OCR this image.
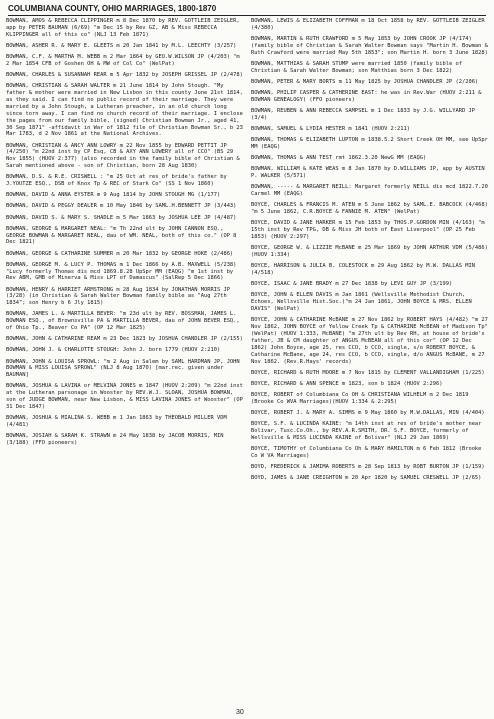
COLUMBIANA COUNTY, OHIO MARRIAGES, 1800-1870

BOWMAN, AMOS & REBECCA CLIPPINGER m 8 Dec 1870 by REV. GOTTLEIB ZEIGLER, app by PETER BAUMAN (6/69) "m Dec 15 by Rev GZ, AB & Miss REBECCA KLIPPINGER all of this co" (NLJ 13 Feb 1871)

BOWMAN, ASHER R. & MARY E. GLEETS m 20 Jan 1841 by M.L. LEECHTY (3/257)

BOWMAN, C.F. & MARTHA M. WEBB m 2 Mar 1864 by GEO.W.WILSON JP (4/203) "m 2 Mar 1854 CFB of Goshen OH & MW of Col Co" (WelPat)

BOWMAN, CHARLES & SUSANNAH REAR m 5 Apr 1832 by JOSEPH GRISSEL JP (2/478)

BOWMAN, CHRISTIAN & SARAH WALTER m 21 June 1814 by John Stough. "My father & mother were married in New Lisbon in this county June 21st 1814, as they said. I can find no public record of their marriage. They were married by a John Stough, a Lutheran preacher, in an old church long since torn away. I can find no church record of their marriage. I enclose the pages from our family bible, (signed) Christian Bowman Jr., aged 41, 30 Sep 1871" -affidavit in War of 1812 file of Christian Bowman Sr., b 23 Mar 1783, d 2 Nov 1861 at the National Archives.

BOWMAN, CHRISTIAN & ANCY ANN LOWRY m 22 Nov 1855 by EDWARD PETTIT JP (4/250) "m 22nd inst by CP Esq, CB & AXY ANN LOWERY all of CCO" (BS 29 Nov 1855) (HUOV 2:377) (also recorded in the family bible of Christian & Sarah mentioned above - son of Christian, born 28 Aug 1830)

BOWMAN, D.S. & R.E. CRISWELL : "m 25 Oct at res of bride's father by J.YOUTZE ESQ., DSB of Knox Tp & REC of Stark Co" (SS 1 Nov 1860)

BOWMAN, DAVID & ANNA EYSTER m 9 Aug 1814 by JOHN STOUGH MG (1/177)

BOWMAN, DAVID & PEGGY DEALER m 10 May 1846 by SAML.H.BENNETT JP (3/443)

BOWMAN, DAVID S. & MARY S. SHADLE m 5 Mar 1863 by JOSHUA LEE JP (4/487)

BOWMAN, GEORGE & MARGARET NEAL: "m Th 22nd ult by JOHN CANNON ESQ., GEORGE BOWMAN & MARGARET NEAL, dau of WM. NEAL, both of this co." (OP 8 Dec 1821)

BOWMAN, GEORGE & CATHARINE SUMMER m 20 Mar 1832 by GEORGE HOKE (2/486)

BOWMAN, GEORGE M. & LUCY P. THOMAS m 1 Dec 1866 by A.B. MAXWELL (5/238) "Lucy formerly Thomas dis mcd 1869.8.28 UpSpr MM (EAQG) "m 1st inst by Rev ABM, GMB of Minerva & Miss LPT of Damascus" (SalRep 5 Dec 1866)

BOWMAN, HENRY & HARRIET ARMSTRONG m 28 Aug 1834 by JONATHAN MORRIS JP (3/28) (in Christian & Sarah Walter Bowman family bible as "Aug 27th 1834"; son Henry b 6 Jly 1815)

BOWMAN, JAMES L. & MARTILLA BEVER: "m 23d ult by REV. BOSSMAN, JAMES L. BOWMAN ESQ., of Brownsville PA & MARTILLA BEVER, dau of JOHN BEVER ESQ., of Ohio Tp., Beaver Co PA" (OP 12 Mar 1825)

BOWMAN, JOHN & CATHARINE REAM m 23 Dec 1823 by JOSHUA CHANDLER JP (2/155)

BOWMAN, JOHN J. & CHARLOTTE STOUGH: John J. born 1779 (HUOV 2:210)

BOWMAN, JOHN & LOUISA SPROWL: "m 2 Aug in Salem by SAML HARDMAN JP, JOHN BOWMAN & MISS LOUISA SPROWL" (NLJ 8 Aug 1870) [mar.rec. given under BAUMAN]

BOWMAN, JOSHUA & LAVINA or MELVINA JONES m 1847 (HUOV 2:209) "m 22nd inst at the Lutheran parsonage in Wooster by REV.W.J. SLOAN, JOSHUA BOWMAN, son of JUDGE BOWMAN, near New Lisbon, & MISS LAVINA JONES of Wooster" (OP 31 Dec 1847)

BOWMAN, JOSHUA & MIALINA S. WEBB m 1 Jan 1863 by THEOBALD MILLER VDM (4/481)

BOWMAN, JOSIAH & SARAH K. STRAWN m 24 May 1838 by JACOB MORRIS, MIN (3/188) (FFO pioneers)

BOWMAN, LEWIS & ELIZABETH COFFMAN m 18 Oct 1858 by REV. GOTTLEIB ZEIGLER (4/380)

BOWMAN, MARTIN & RUTH CRAWFORD m 5 May 1853 by JOHN CROOK JP (4/174) (family bible of Christian & Sarah Walter Bowman says "Martin H. Bowman & Ruth Crawford were married May 5th 1853"; son Martin H. born 3 June 1828)

BOWMAN, MATTHIAS & SARAH STUMP were married 1850 (family bible of Christian & Sarah Walter Bowman; son Matthias born 3 Dec 1822)

BOWMAN, PETER & MARY BORTS m 11 May 1825 by JOSHUA CHANDLER JP (2/206)

BOWMAN, PHILIP CASPER & CATHERINE EAST: he was in Rev.War (HUOV 2:211 & BOWMAN GENEALOGY) (FFO pioneers)

BOWMAN, REUBEN & ANN REBECCA SAMPSEL m 1 Dec 1833 by J.G. WILLYARD JP (3/4)

BOWMAN, SAMUEL & LYDIA HESTER m 1841 (HUOV 2:211)

BOWMAN, THOMAS & ELIZABETH LUPTON m 1838.5.2 Short Creek OH MM, see UpSpr MM (EAQG)

BOWMAN, THOMAS & ANN TEST rmt 1862.3.20 NewG MM (EAQG)

BOWMAN, WILLIAM & KATE WEAS m 8 Jan 1870 by D.WILLIAMS JP, app by AUSTIN P. WALKER (5/571)

BOWMAN, ----- & MARGARET NEILL: Margaret formerly NEILL dis mcd 1822.7.20 Carmel MM (EAQG)

BOYCE, CHARLES & FRANCIS M. ATEN m 5 June 1862 by SAML.E. BABCOCK (4/468) "m 5 June 1862, C.R.BOYCE & FANNIE M. ATEN" (WelPat)

BOYCE, DAVID & JANE HARKER m 15 Feb 1853 by THOS.P.GORDON MIN (4/163) "m 15th inst by Rev TPG, DB & Miss JH both of East Liverpool" (OP 25 Feb 1853) (HUOV 2:297)

BOYCE, GEORGE W. & LIZZIE McBANE m 25 Mar 1869 by JOHN ARTHUR VDM (5/486) (HUOV 1:334)

BOYCE, HARRISON & JULIA B. COLESTOCK m 29 Aug 1862 by M.W. DALLAS MIN (4/518)

BOYCE, ISAAC & JANE BRADY m 27 Dec 1838 by LEVI GUY JP (3/199)

BOYCE, JOHN & ELLEN DAVIS m Jan 1861 (Wellsville Methodist Church, Echoes, Wellsville Hist.Soc.)"m 24 Jan 1861, JOHN BOYCE & MRS. ELLEN DAVIS" (WelPat)

BOYCE, JOHN & CATHARINE McBANE m 27 Nov 1862 by ROBERT HAYS (4/482) "m 27 Nov 1862, JOHN BOYCE of Yellow Creek Tp & CATHARINE McBEAN of Madison Tp" (WelPat) (HUOV 1:333, McBANE) "m 27th ult by Rev RH, at house of bride's father, JB & CM daughter of ANGUS McBEAN all of this cor" (OP 12 Dec 1862) John Boyce, age 25, res CCO, b CCO, single, s/o ROBERT BOYCE, & Catharine McBane, age 24, res CCO, b CCO, single, d/o ANGUS McBANE, m 27 Nov 1862. (Rev.R.Hays' records)

BOYCE, RICHARD & RUTH MOORE m 7 Nov 1815 by CLEMENT VALLANDIGHAM (1/225)

BOYCE, RICHARD & ANN SPENCE m 1823, son b 1824 (HUOV 2:296)

BOYCE, ROBERT of Columbiana Co OH & CHRISTIANA WILHELM m 2 Dec 1819 (Brooke Co WVA Marriages)(HUOV 1:334 & 2:295)

BOYCE, ROBERT J. & MARY A. SIMMS m 9 May 1860 by M.W.DALLAS, MIN (4/404)

BOYCE, S.F. & LUCINDA KAINE: "m 14th inst at res of bride's mother near Bolivar, Tusc.Co.Oh., by REV.A.R.SMITH, DR. S.F. BOYCE, formerly of Wellsville & MISS LUCINDA KAINE of Bolivar" (NLJ 29 Jan 1869)

BOYCE, TIMOTHY of Columbiana Co Oh & MARY HAMILTON m 6 Feb 1812 (Brooke Co W VA Marriages)

BOYD, FREDERICK & JAMIMA ROBERTS m 28 Sep 1813 by ROBT BURTON JP (1/159)

BOYD, JAMES & JANE CREIGHTON m 20 Apr 1820 by SAMUEL CRESWELL JP (2/65)

30
